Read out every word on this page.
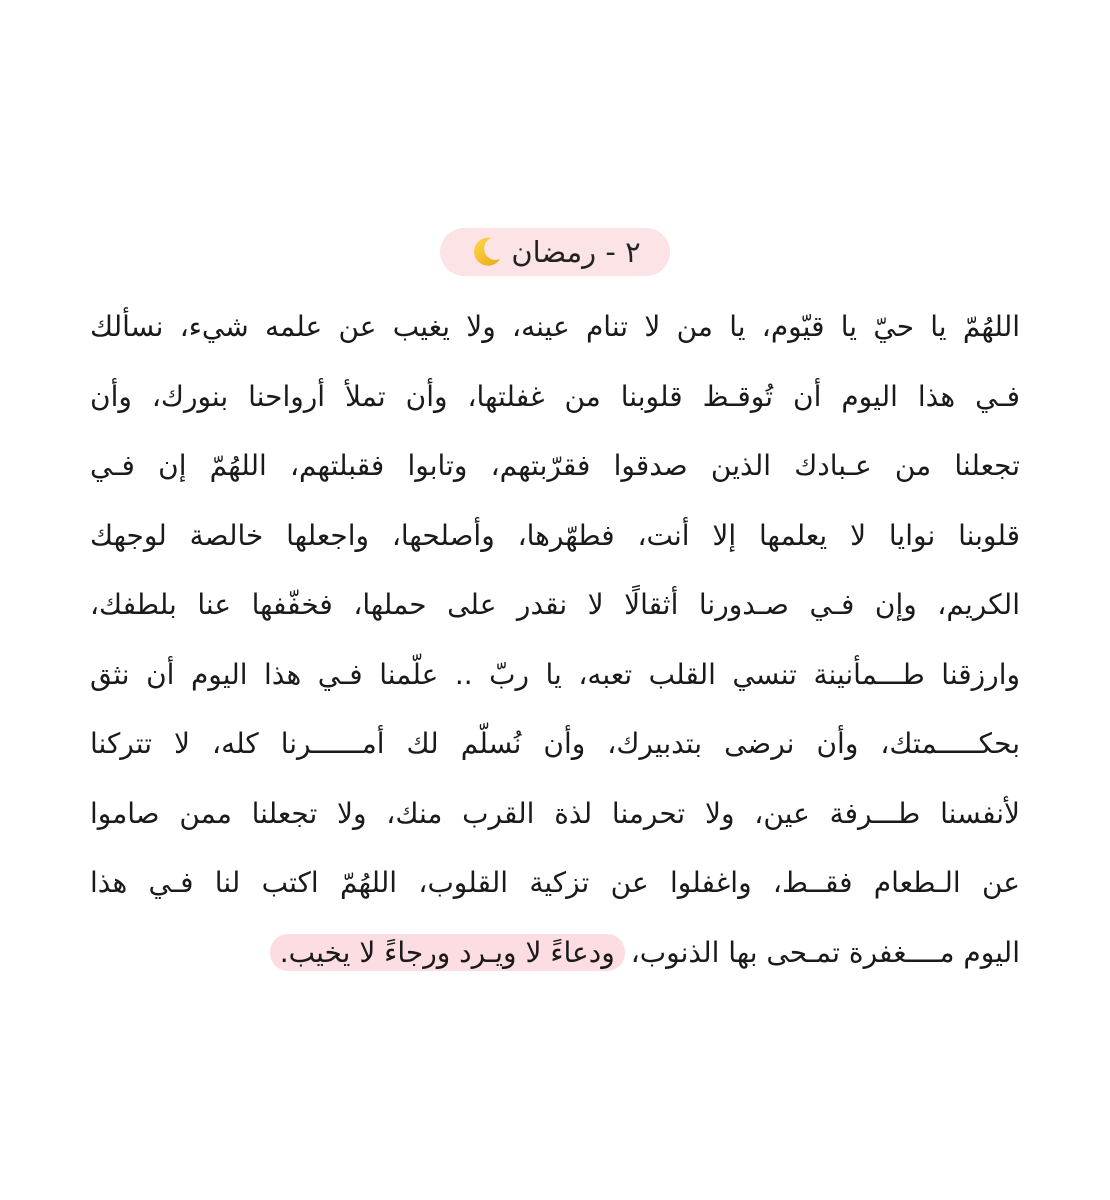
٢ - رمضان
اللهُمّ يا حيّ يا قيّوم، يا من لا تنام عينه، ولا يغيب عن علمه شيء، نسألك
فـي هذا اليوم أن تُوقـظ قلوبنا من غفلتها، وأن تملأ أرواحنا بنورك، وأن
تجعلنا من عـبادك الذين صدقوا فقرّبتهم، وتابوا فقبلتهم، اللهُمّ إن فـي
قلوبنا نوايا لا يعلمها إلا أنت، فطهّرها، وأصلحها، واجعلها خالصة لوجهك
الكريم، وإن فـي صـدورنا أثقالًا لا نقدر على حملها، فخفّفها عنا بلطفك،
وارزقنا طـــمأنينة تنسي القلب تعبه، يا ربّ .. علّمنا فـي هذا اليوم أن نثق
بحكـــــمتك، وأن نرضى بتدبيرك، وأن نُسلّم لك أمــــــرنا كله، لا تتركنا
لأنفسنا طـــرفة عين، ولا تحرمنا لذة القرب منك، ولا تجعلنا ممن صاموا
عن الـطعام فقــط، واغفلوا عن تزكية القلوب، اللهُمّ اكتب لنا فـي هذا
اليوم مــــغفرة تمـحى بها الذنوب،
ودعاءً لا ويـرد ورجاءً لا يخيب.
